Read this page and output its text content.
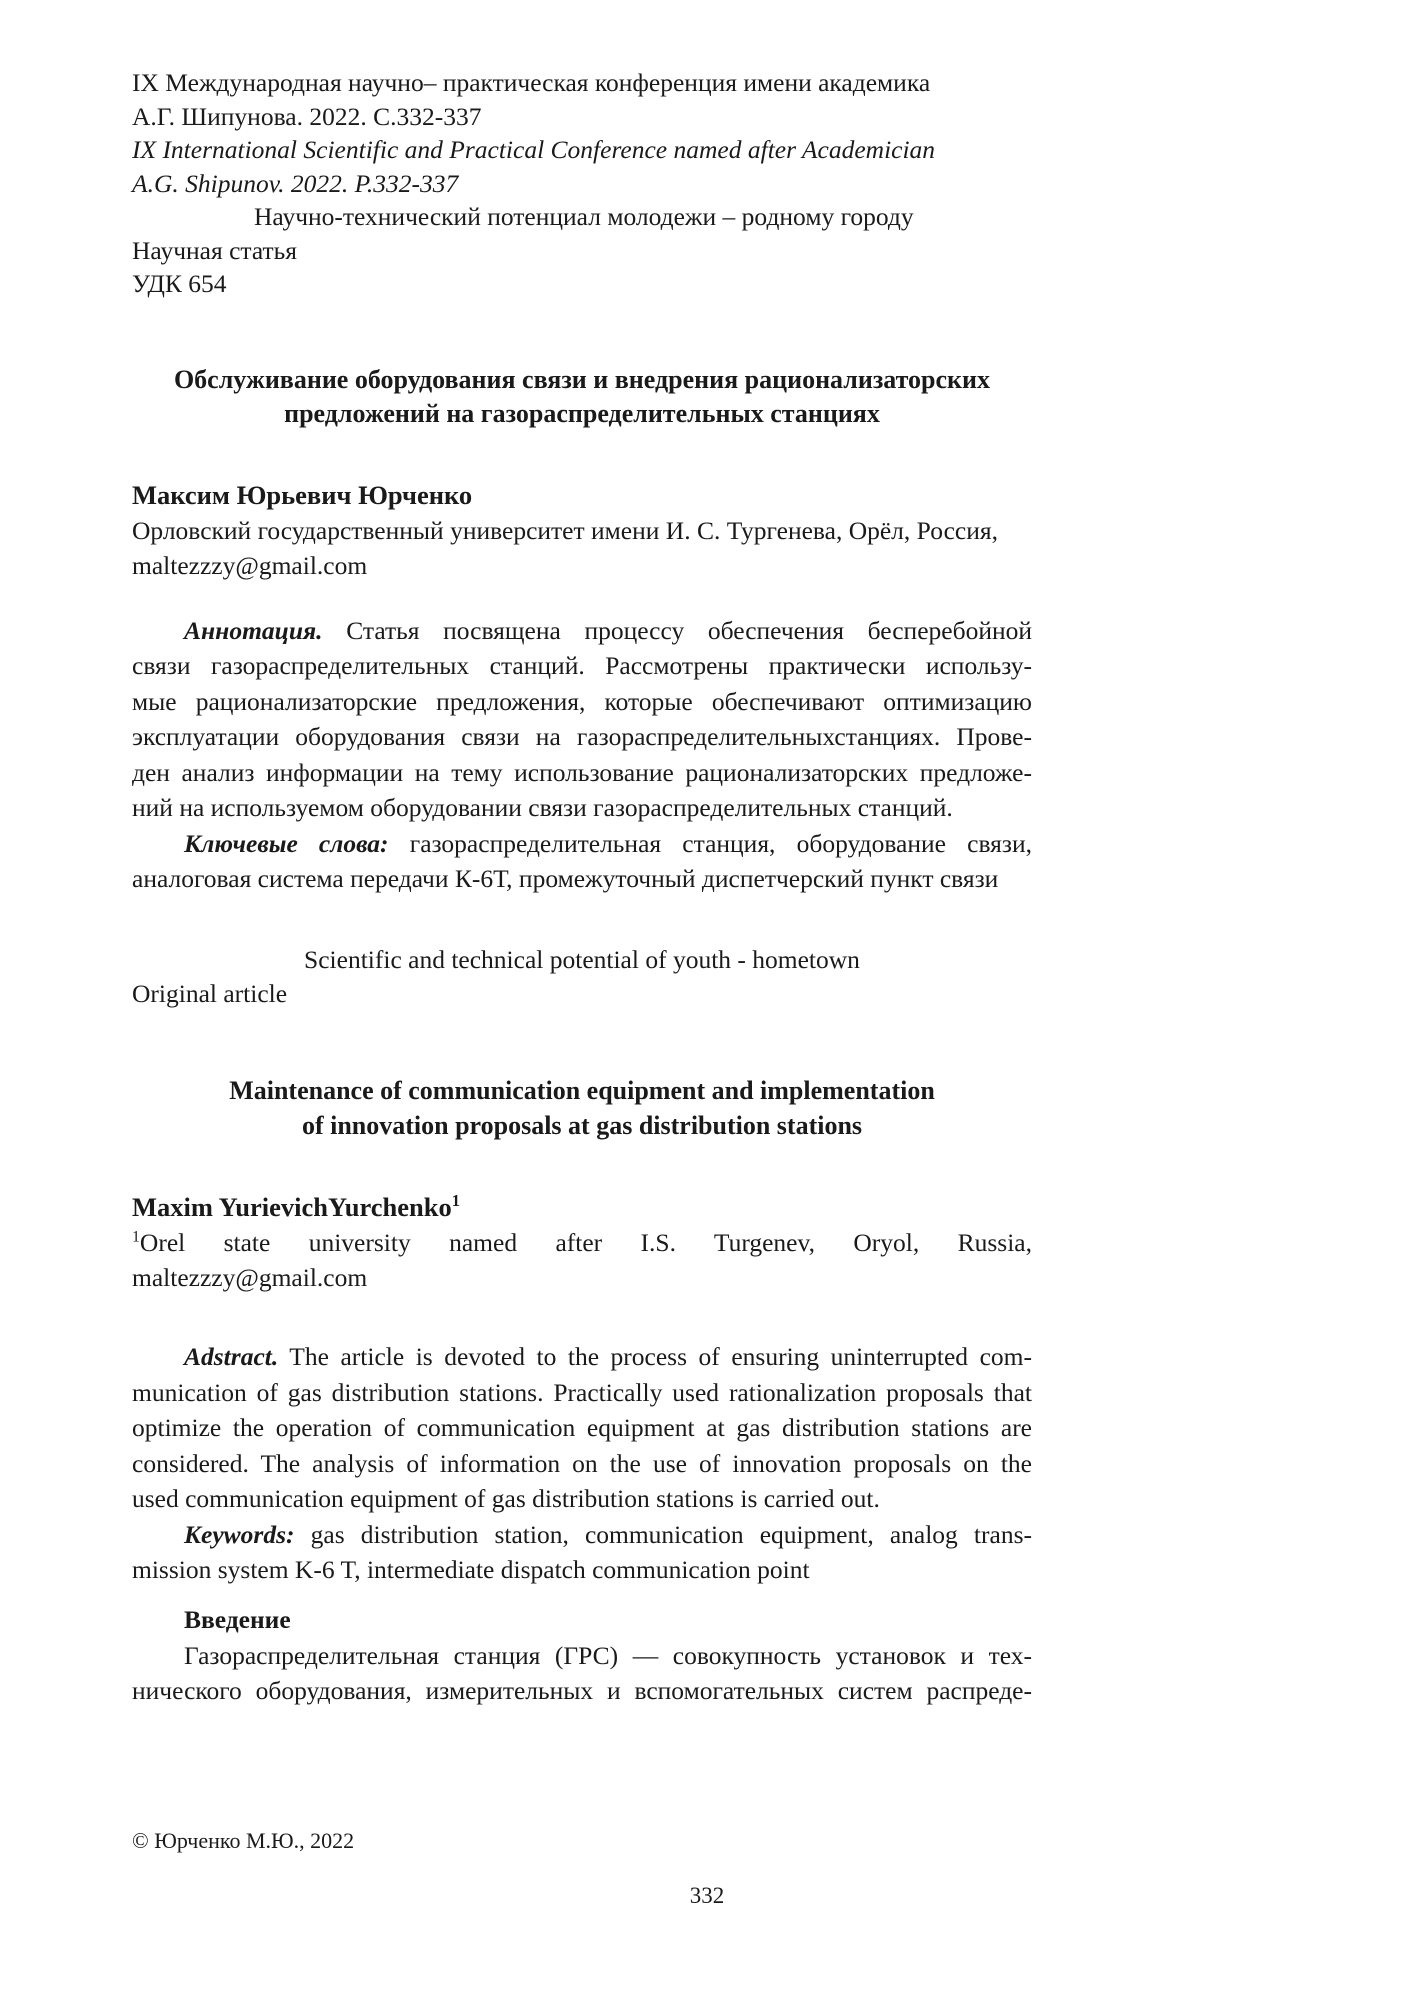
IX Международная научно– практическая конференция имени академика
А.Г. Шипунова. 2022. С.332-337
IX International Scientific and Practical Conference named after Academician
A.G. Shipunov. 2022. P.332-337
Научно-технический потенциал молодежи – родному городу
Научная статья
УДК 654
Обслуживание оборудования связи и внедрения рационализаторских
предложений на газораспределительных станциях
Максим Юрьевич Юрченко
Орловский государственный университет имени И. С. Тургенева, Орёл, Россия,
maltezzzy@gmail.com
Аннотация. Статья посвящена процессу обеспечения бесперебойной
связи газораспределительных станций. Рассмотрены практически использу-
мые рационализаторские предложения, которые обеспечивают оптимизацию
эксплуатации оборудования связи на газораспределительныхстанциях. Прове-
ден анализ информации на тему использование рационализаторских предложе-
ний на используемом оборудовании связи газораспределительных станций.
Ключевые слова: газораспределительная станция, оборудование связи,
аналоговая система передачи К-6Т, промежуточный диспетчерский пункт связи
Scientific and technical potential of youth - hometown
Original article
Maintenance of communication equipment and implementation
of innovation proposals at gas distribution stations
Maxim YurievichYurchenko$^1$
$^1$Orel state university named after I.S. Turgenev, Oryol, Russia,
maltezzzy@gmail.com
Adstract. The article is devoted to the process of ensuring uninterrupted com-
munication of gas distribution stations. Practically used rationalization proposals that
optimize the operation of communication equipment at gas distribution stations are
considered. The analysis of information on the use of innovation proposals on the
used communication equipment of gas distribution stations is carried out.
Keywords: gas distribution station, communication equipment, analog trans-
mission system K-6 T, intermediate dispatch communication point
Введение
Газораспределительная станция (ГРС) — совокупность установок и тех-
нического оборудования, измерительных и вспомогательных систем распреде-
© Юрченко М.Ю., 2022
332
